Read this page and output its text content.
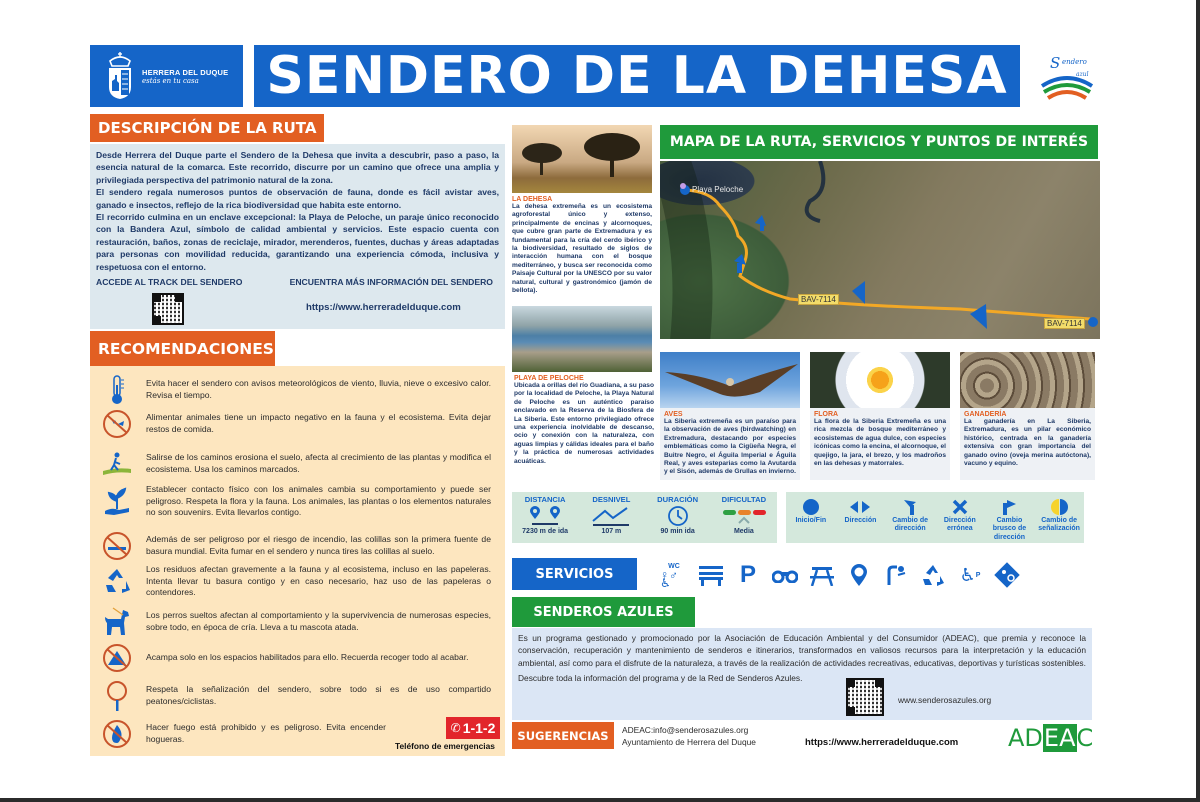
HERRERA DEL DUQUE
estás en tu casa	SENDERO DE LA DEHESA	S endero
azul

Desde Herrera del Duque parte el Sendero de la Dehesa que invita a descubrir, paso a paso, la esencia natural de la comarca. Este recorrido, discurre por un camino que ofrece una amplia y privilegiada perspectiva del patrimonio natural de la zona.

El sendero regala numerosos puntos de observación de fauna, donde es fácil avistar aves, ganado e insectos, reflejo de la rica biodiversidad que habita este entorno.

El recorrido culmina en un enclave excepcional: la Playa de Peloche, un paraje único reconocido con la Bandera Azul, símbolo de calidad ambiental y servicios. Este espacio cuenta con restauración, baños, zonas de reciclaje, mirador, merenderos, fuentes, duchas y áreas adaptadas para personas con movilidad reducida, garantizando una experiencia cómoda, inclusiva y respetuosa con el entorno.

ACCEDE AL TRACK DEL SENDERO	ENCUENTRA MÁS INFORMACIÓN DEL SENDERO
DESCRIPCIÓN DE LA RUTA
https://www.herreradelduque.com
RECOMENDACIONES
Evita hacer el sendero con avisos meteorológicos de viento, lluvia, nieve o excesivo calor. Revisa el tiempo.
Alimentar animales tiene un impacto negativo en la fauna y el ecosistema. Evita dejar restos de comida.
Salirse de los caminos erosiona el suelo, afecta al crecimiento de las plantas y modifica el ecosistema. Usa los caminos marcados.
Establecer contacto físico con los animales cambia su comportamiento y puede ser peligroso. Respeta la flora y la fauna. Los animales, las plantas o los elementos naturales no son souvenirs. Evita llevarlos contigo.
Además de ser peligroso por el riesgo de incendio, las colillas son la primera fuente de basura mundial. Evita fumar en el sendero y nunca tires las colillas al suelo.
Los residuos afectan gravemente a la fauna y al ecosistema, incluso en las papeleras. Intenta llevar tu basura contigo y en caso necesario, haz uso de las papeleras o contendores.
Los perros sueltos afectan al comportamiento y la supervivencia de numerosas especies, sobre todo, en época de cría. Lleva a tu mascota atada.
Acampa solo en los espacios habilitados para ello. Recuerda recoger todo al acabar.
Respeta la señalización del sendero, sobre todo si es de uso compartido peatones/ciclistas.
Hacer fuego está prohibido y es peligroso. Evita encender hogueras.
✆ 1-1-2
Teléfono de emergencias
LA DEHESA
La dehesa extremeña es un ecosistema agroforestal único y extenso, principalmente de encinas y alcornoques, que cubre gran parte de Extremadura y es fundamental para la cría del cerdo ibérico y la biodiversidad, resultado de siglos de interacción humana con el bosque mediterráneo, y busca ser reconocida como Paisaje Cultural por la UNESCO por su valor natural, cultural y gastronómico (jamón de bellota).
PLAYA DE PELOCHE
Ubicada a orillas del río Guadiana, a su paso por la localidad de Peloche, la Playa Natural de Peloche es un auténtico paraíso enclavado en la Reserva de la Biosfera de La Siberia. Este entorno privilegiado ofrece una experiencia inolvidable de descanso, ocio y conexión con la naturaleza, con aguas limpias y cálidas ideales para el baño y la práctica de numerosas actividades acuáticas.
MAPA DE LA RUTA, SERVICIOS Y PUNTOS DE INTERÉS
Playa Peloche
BAV-7114
BAV-7114
AVES
La Siberia extremeña es un paraíso para la observación de aves (birdwatching) en Extremadura, destacando por especies emblemáticas como la Cigüeña Negra, el Buitre Negro, el Águila Imperial e Águila Real, y aves esteparias como la Avutarda y el Sisón, además de Grullas en invierno.
FLORA
La flora de la Siberia Extremeña es una rica mezcla de bosque mediterráneo y ecosistemas de agua dulce, con especies icónicas como la encina, el alcornoque, el quejigo, la jara, el brezo, y los madroños en las dehesas y matorrales.
GANADERÍA
La ganadería en La Siberia, Extremadura, es un pilar económico histórico, centrada en la ganadería extensiva con gran importancia del ganado ovino (oveja merina autóctona), vacuno y equino.
DISTANCIA
7230 m de ida
DESNIVEL
107 m
DURACIÓN
90 min ida
DIFICULTAD
Media
Inicio/Fin	Dirección	Cambio de dirección
Dirección errónea
Cambio brusco de dirección
Cambio de señalización
SERVICIOS	WC
♀♂♿	P	♿ P
SENDEROS AZULES

Es un programa gestionado y promocionado por la Asociación de Educación Ambiental y del Consumidor (ADEAC), que premia y reconoce la conservación, recuperación y mantenimiento de senderos e itinerarios, transformados en valiosos recursos para la interpretación y la educación ambiental, así como para el disfrute de la naturaleza, a través de la realización de actividades recreativas, educativas, deportivas y turísticas sostenibles.

Descubre toda la información del programa y de la Red de Senderos Azules.
www.senderosazules.org
SUGERENCIAS	ADEAC:info@senderosazules.org
Ayuntamiento de Herrera del Duque	https://www.herreradelduque.com AD EA C
